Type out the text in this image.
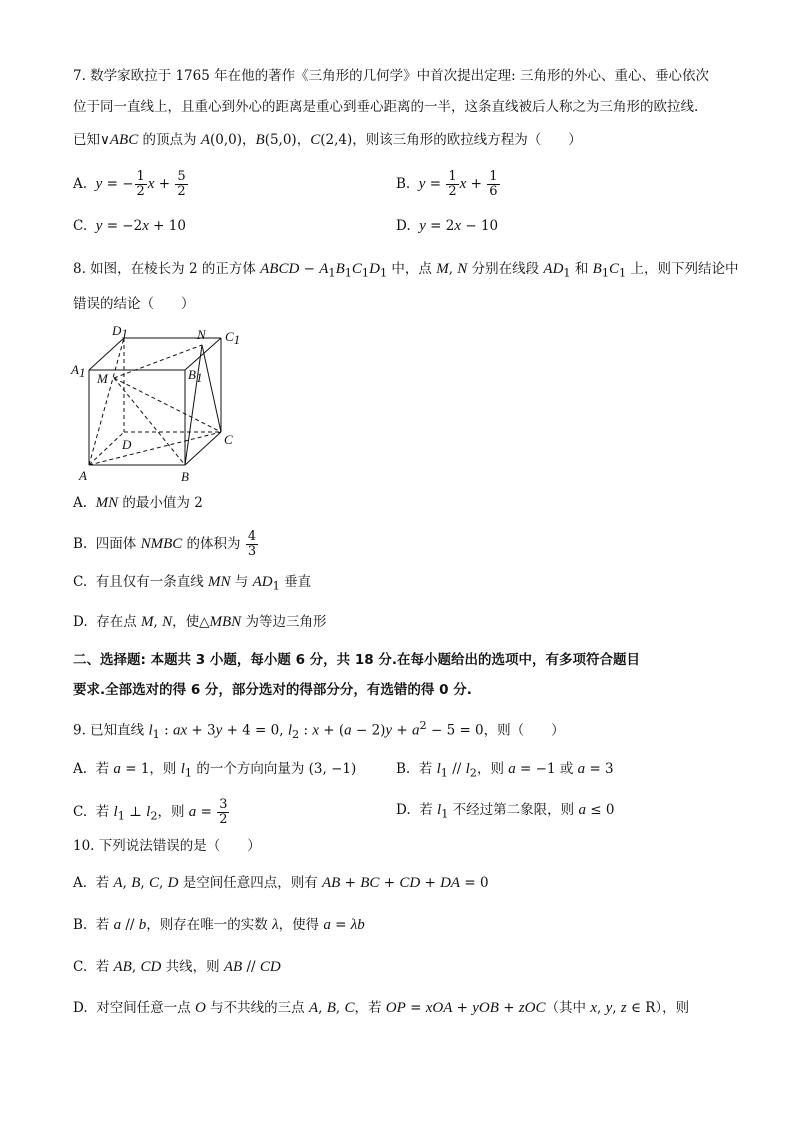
7. 数学家欧拉于 1765 年在他的著作《三角形的几何学》中首次提出定理: 三角形的外心、重心、垂心依次
位于同一直线上，且重心到外心的距离是重心到垂心距离的一半，这条直线被后人称之为三角形的欧拉线.
已知∨ABC 的顶点为 A(0,0)，B(5,0)，C(2,4)，则该三角形的欧拉线方程为（　　）
A.  y = − $\frac{1}{2}$ $x + \frac{5}{2}$	B.  $y = \frac{1}{2}$ $x + \frac{1}{6}$
C.  y = −2x + 10	D.  y = 2x − 10
8. 如图，在棱长为 2 的正方体 ABCD − $A_1B_1C_1D_1$ 中，点 M, N 分别在线段 $AD_1$ 和 $B_1C_1$ 上，则下列结论中
错误的结论（　　）
D1	C1
N
A1 M	B1
D	C
A	B
A.  MN 的最小值为 2
B.  四面体 NMBC 的体积为 $\frac{4}{3}$
C.  有且仅有一条直线 MN 与 $AD_1$ 垂直
D.  存在点 M, N，使△MBN 为等边三角形
二、选择题: 本题共 3 小题，每小题 6 分，共 18 分.在每小题给出的选项中，有多项符合题目
要求.全部选对的得 6 分，部分选对的得部分分，有选错的得 0 分.
9. 已知直线 $l_1$ : ax + 3y + 4 = 0, $l_2$ : $x + (a - 2)y + a^2 - 5 = 0$，则（　　）
A.  若 a = 1，则 $l_1$ 的一个方向向量为 (3, −1)	B.  若 $l_1 // l_2$，则 a = −1 或 a = 3
C.  若 $l_1$ ⊥ $l_2$，则 $a = \frac{3}{2}$	D.  若 $l_1$ 不经过第二象限，则 a ≤ 0
10. 下列说法错误的是（　　）
A.  若 A, B, C, D 是空间任意四点，则有 AB + BC + CD + DA = 0
B.  若 a // b，则存在唯一的实数 λ，使得 a = λb
C.  若 AB, CD 共线，则 AB // CD
D.  对空间任意一点 O 与不共线的三点 A, B, C，若 OP = xOA + yOB + zOC（其中 x, y, z ∈ R），则
